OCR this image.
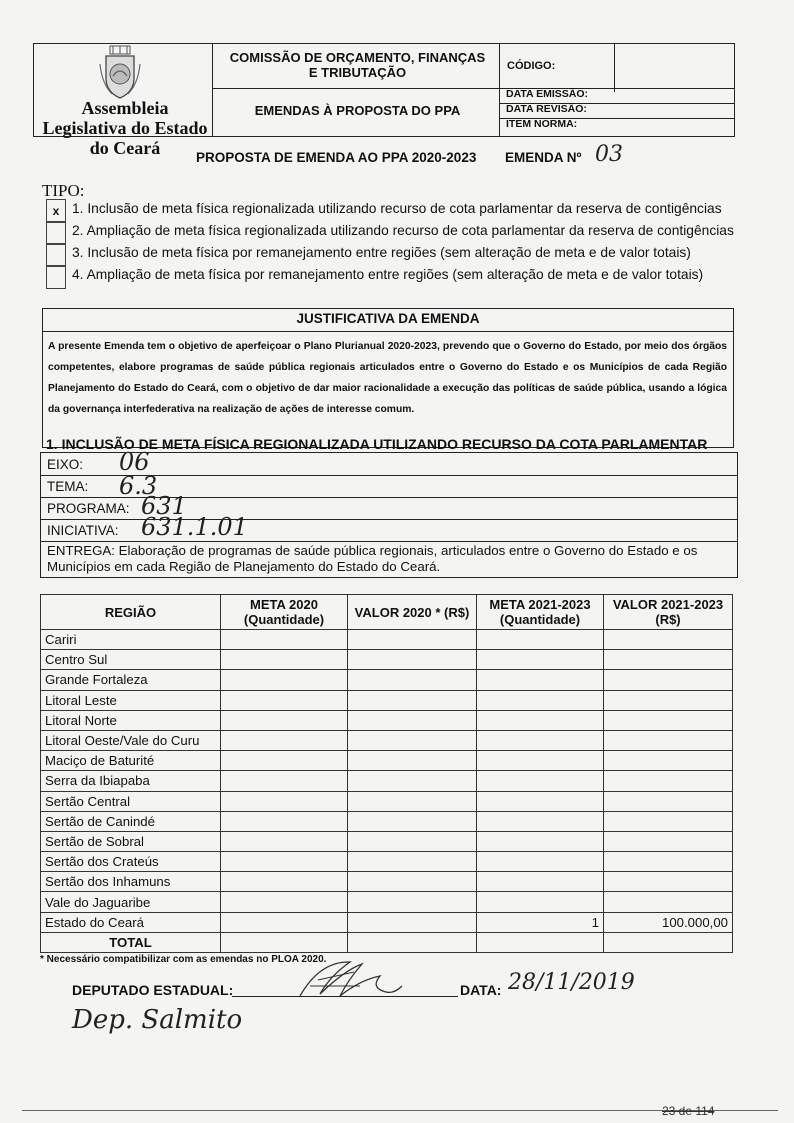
Assembleia Legislativa do Estado do Ceará
COMISSÃO DE ORÇAMENTO, FINANÇAS E TRIBUTAÇÃO
EMENDAS À PROPOSTA DO PPA
CÓDIGO:
DATA EMISSÃO:
DATA REVISÃO:
ITEM NORMA:
PROPOSTA DE EMENDA AO PPA 2020-2023 EMENDA Nº 03
TIPO:
x 1. Inclusão de meta física regionalizada utilizando recurso de cota parlamentar da reserva de contigências
2. Ampliação de meta física regionalizada utilizando recurso de cota parlamentar da reserva de contigências
3. Inclusão de meta física por remanejamento entre regiões (sem alteração de meta e de valor totais)
4. Ampliação de meta física por remanejamento entre regiões (sem alteração de meta e de valor totais)
JUSTIFICATIVA DA EMENDA
A presente Emenda tem o objetivo de aperfeiçoar o Plano Plurianual 2020-2023, prevendo que o Governo do Estado, por meio dos órgãos competentes, elabore programas de saúde pública regionais articulados entre o Governo do Estado e os Municípios de cada Região Planejamento do Estado do Ceará, com o objetivo de dar maior racionalidade a execução das políticas de saúde pública, usando a lógica da governança interfederativa na realização de ações de interesse comum.
1. INCLUSÃO DE META FÍSICA REGIONALIZADA UTILIZANDO RECURSO DA COTA PARLAMENTAR
EIXO: 06
TEMA: 6.3
PROGRAMA: 631
INICIATIVA: 631.1.01
ENTREGA: Elaboração de programas de saúde pública regionais, articulados entre o Governo do Estado e os Municípios em cada Região de Planejamento do Estado do Ceará.
REGIÃO	META 2020 (Quantidade)	VALOR 2020 * (R$)	META 2021-2023 (Quantidade)	VALOR 2021-2023 (R$)
Cariri				
Centro Sul				
Grande Fortaleza				
Litoral Leste				
Litoral Norte				
Litoral Oeste/Vale do Curu				
Maciço de Baturité				
Serra da Ibiapaba				
Sertão Central				
Sertão de Canindé				
Sertão de Sobral				
Sertão dos Crateús				
Sertão dos Inhamuns				
Vale do Jaguaribe				
Estado do Ceará			1	100.000,00
TOTAL				
* Necessário compatibilizar com as emendas no PLOA 2020.
DEPUTADO ESTADUAL:	DATA: 28/11/2019
Dep. Salmito
23 de 114
